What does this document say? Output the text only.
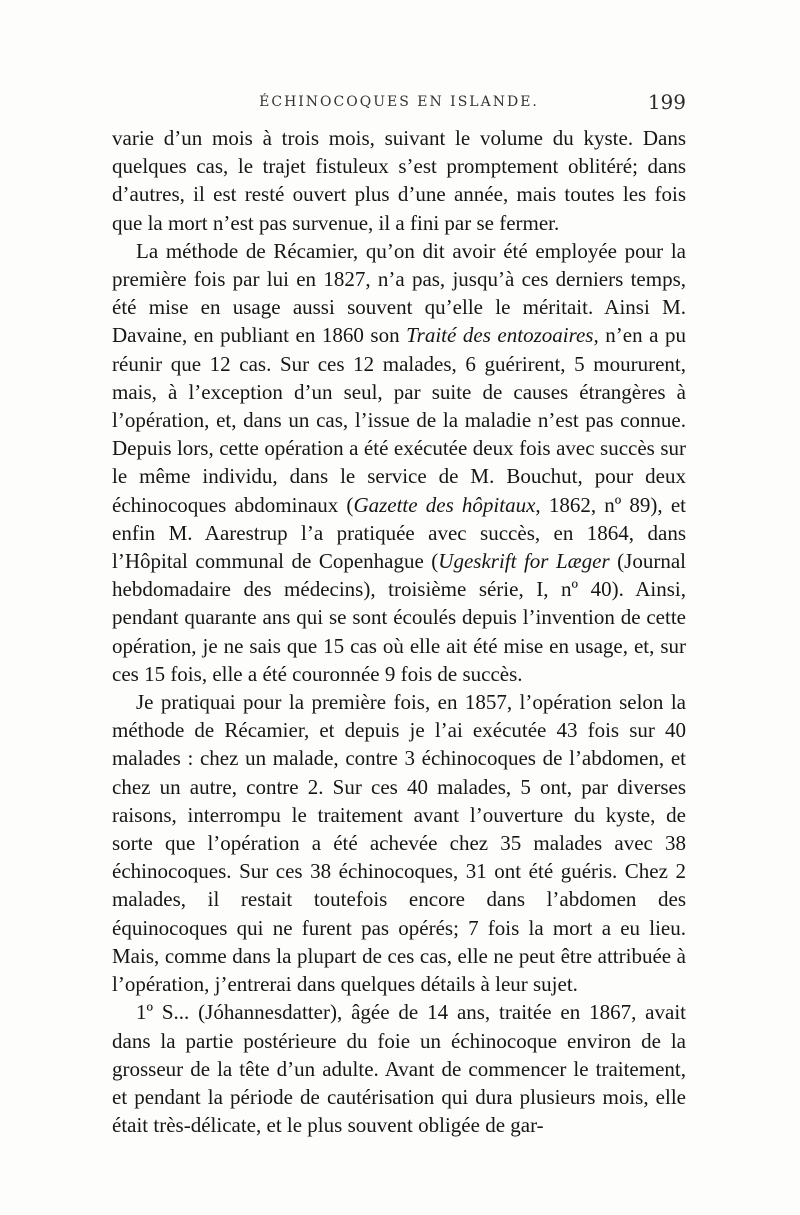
ÉCHINOCOQUES EN ISLANDE.	199

varie d’un mois à trois mois, suivant le volume du kyste. Dans quelques cas, le trajet fistuleux s’est promptement oblitéré; dans d’autres, il est resté ouvert plus d’une année, mais toutes les fois que la mort n’est pas survenue, il a fini par se fermer.

La méthode de Récamier, qu’on dit avoir été employée pour la première fois par lui en 1827, n’a pas, jusqu’à ces derniers temps, été mise en usage aussi souvent qu’elle le méritait. Ainsi M. Davaine, en publiant en 1860 son Traité des entozoaires, n’en a pu réunir que 12 cas. Sur ces 12 malades, 6 guérirent, 5 moururent, mais, à l’exception d’un seul, par suite de causes étrangères à l’opération, et, dans un cas, l’issue de la maladie n’est pas connue. Depuis lors, cette opération a été exécutée deux fois avec succès sur le même individu, dans le service de M. Bouchut, pour deux échinocoques abdominaux (Gazette des hôpitaux, 1862, nº 89), et enfin M. Aarestrup l’a pratiquée avec succès, en 1864, dans l’Hôpital communal de Copenhague (Ugeskrift for Læger (Journal hebdomadaire des médecins), troisième série, I, nº 40). Ainsi, pendant quarante ans qui se sont écoulés depuis l’invention de cette opération, je ne sais que 15 cas où elle ait été mise en usage, et, sur ces 15 fois, elle a été couronnée 9 fois de succès.

Je pratiquai pour la première fois, en 1857, l’opération selon la méthode de Récamier, et depuis je l’ai exécutée 43 fois sur 40 malades : chez un malade, contre 3 échinocoques de l’abdomen, et chez un autre, contre 2. Sur ces 40 malades, 5 ont, par diverses raisons, interrompu le traitement avant l’ouverture du kyste, de sorte que l’opération a été achevée chez 35 malades avec 38 échinocoques. Sur ces 38 échinocoques, 31 ont été guéris. Chez 2 malades, il restait toutefois encore dans l’abdomen des équinocoques qui ne furent pas opérés; 7 fois la mort a eu lieu. Mais, comme dans la plupart de ces cas, elle ne peut être attribuée à l’opération, j’entrerai dans quelques détails à leur sujet.

1º S... (Jóhannesdatter), âgée de 14 ans, traitée en 1867, avait dans la partie postérieure du foie un échinocoque environ de la grosseur de la tête d’un adulte. Avant de commencer le traitement, et pendant la période de cautérisation qui dura plusieurs mois, elle était très-délicate, et le plus souvent obligée de gar-
